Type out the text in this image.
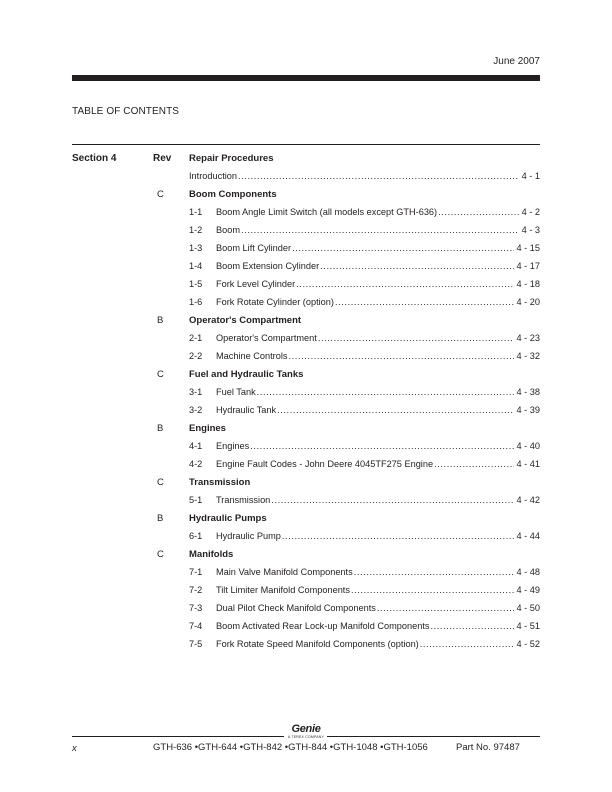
June 2007
TABLE OF CONTENTS
Section 4	Rev Repair Procedures
Introduction .....	4 - 1
C	Boom Components
1-1 Boom Angle Limit Switch (all models except GTH-636) .....	4 - 2
1-2 Boom .....	4 - 3
1-3 Boom Lift Cylinder .....	4 - 15
1-4 Boom Extension Cylinder .....	4 - 17
1-5 Fork Level Cylinder .....	4 - 18
1-6 Fork Rotate Cylinder (option) .....	4 - 20
B	Operator's Compartment
2-1 Operator's Compartment .....	4 - 23
2-2 Machine Controls .....	4 - 32
C	Fuel and Hydraulic Tanks
3-1 Fuel Tank .....	4 - 38
3-2 Hydraulic Tank .....	4 - 39
B	Engines
4-1 Engines .....	4 - 40
4-2 Engine Fault Codes - John Deere 4045TF275 Engine .....	4 - 41
C	Transmission
5-1 Transmission .....	4 - 42
B	Hydraulic Pumps
6-1 Hydraulic Pump .....	4 - 44
C	Manifolds
7-1 Main Valve Manifold Components .....	4 - 48
7-2 Tilt Limiter Manifold Components .....	4 - 49
7-3 Dual Pilot Check Manifold Components .....	4 - 50
7-4 Boom Activated Rear Lock-up Manifold Components .....	4 - 51
7-5 Fork Rotate Speed Manifold Components (option) .....	4 - 52
Genie
A TEREX COMPANY
x	GTH-636 •GTH-644 •GTH-842 •GTH-844 •GTH-1048 •GTH-1056	Part No. 97487
